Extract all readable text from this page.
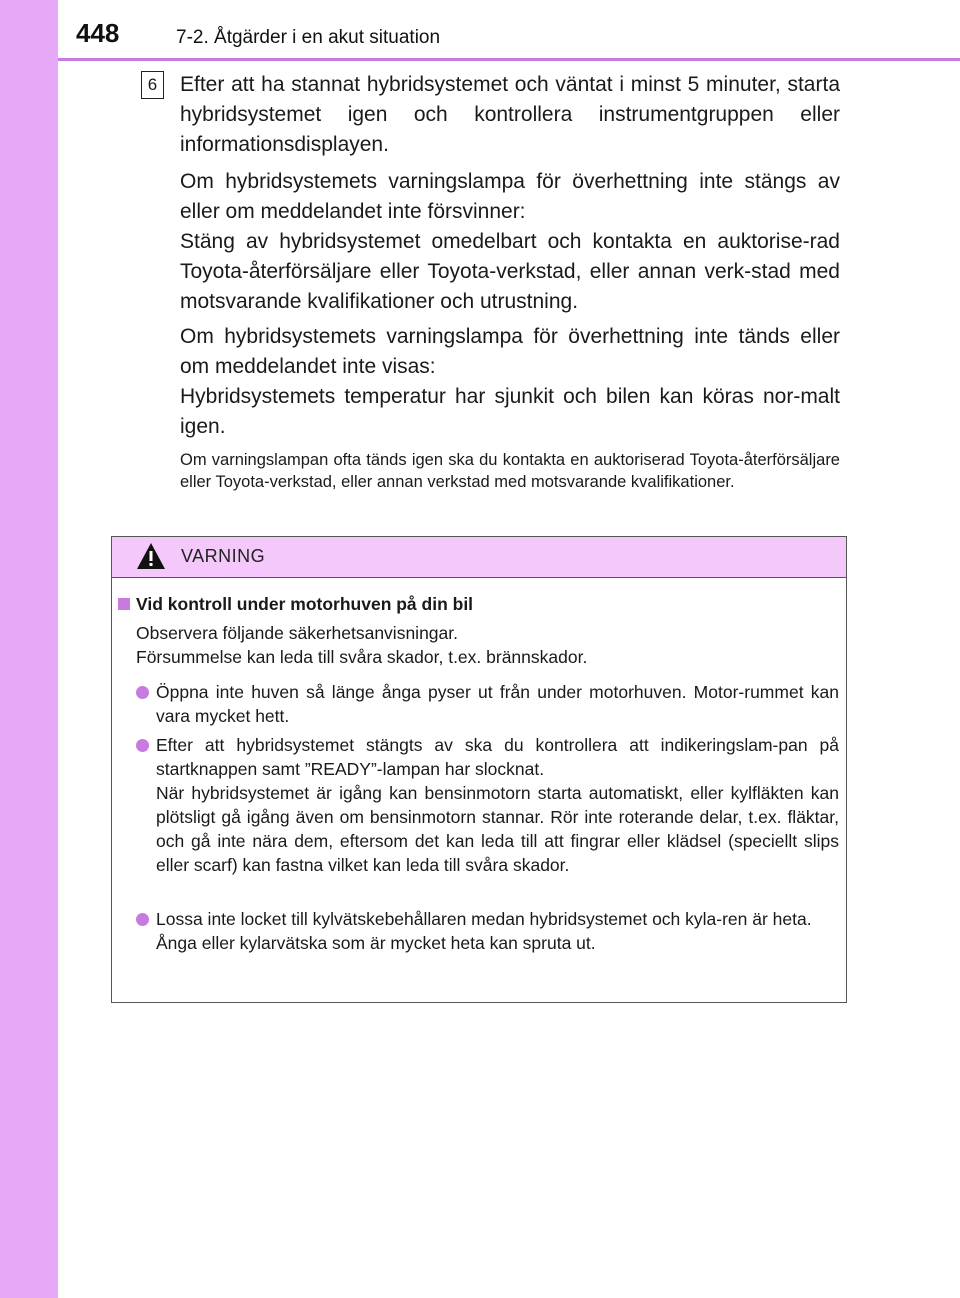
448	7-2. Åtgärder i en akut situation
6	Efter att ha stannat hybridsystemet och väntat i minst 5 minuter, starta hybridsystemet igen och kontrollera instrumentgruppen eller informationsdisplayen.
Om hybridsystemets varningslampa för överhettning inte stängs av eller om meddelandet inte försvinner:
Stäng av hybridsystemet omedelbart och kontakta en auktorise-rad Toyota-återförsäljare eller Toyota-verkstad, eller annan verk-stad med motsvarande kvalifikationer och utrustning.
Om hybridsystemets varningslampa för överhettning inte tänds eller om meddelandet inte visas:
Hybridsystemets temperatur har sjunkit och bilen kan köras nor-malt igen.
Om varningslampan ofta tänds igen ska du kontakta en auktoriserad Toyota-återförsäljare eller Toyota-verkstad, eller annan verkstad med motsvarande kvalifikationer.
VARNING
Vid kontroll under motorhuven på din bil
Observera följande säkerhetsanvisningar.
Försummelse kan leda till svåra skador, t.ex. brännskador.
Öppna inte huven så länge ånga pyser ut från under motorhuven. Motor-rummet kan vara mycket hett.
Efter att hybridsystemet stängts av ska du kontrollera att indikeringslam-pan på startknappen samt ”READY”-lampan har slocknat.
När hybridsystemet är igång kan bensinmotorn starta automatiskt, eller kylfläkten kan plötsligt gå igång även om bensinmotorn stannar. Rör inte roterande delar, t.ex. fläktar, och gå inte nära dem, eftersom det kan leda till att fingrar eller klädsel (speciellt slips eller scarf) kan fastna vilket kan leda till svåra skador.
Lossa inte locket till kylvätskebehållaren medan hybridsystemet och kyla-ren är heta.
Ånga eller kylarvätska som är mycket heta kan spruta ut.
